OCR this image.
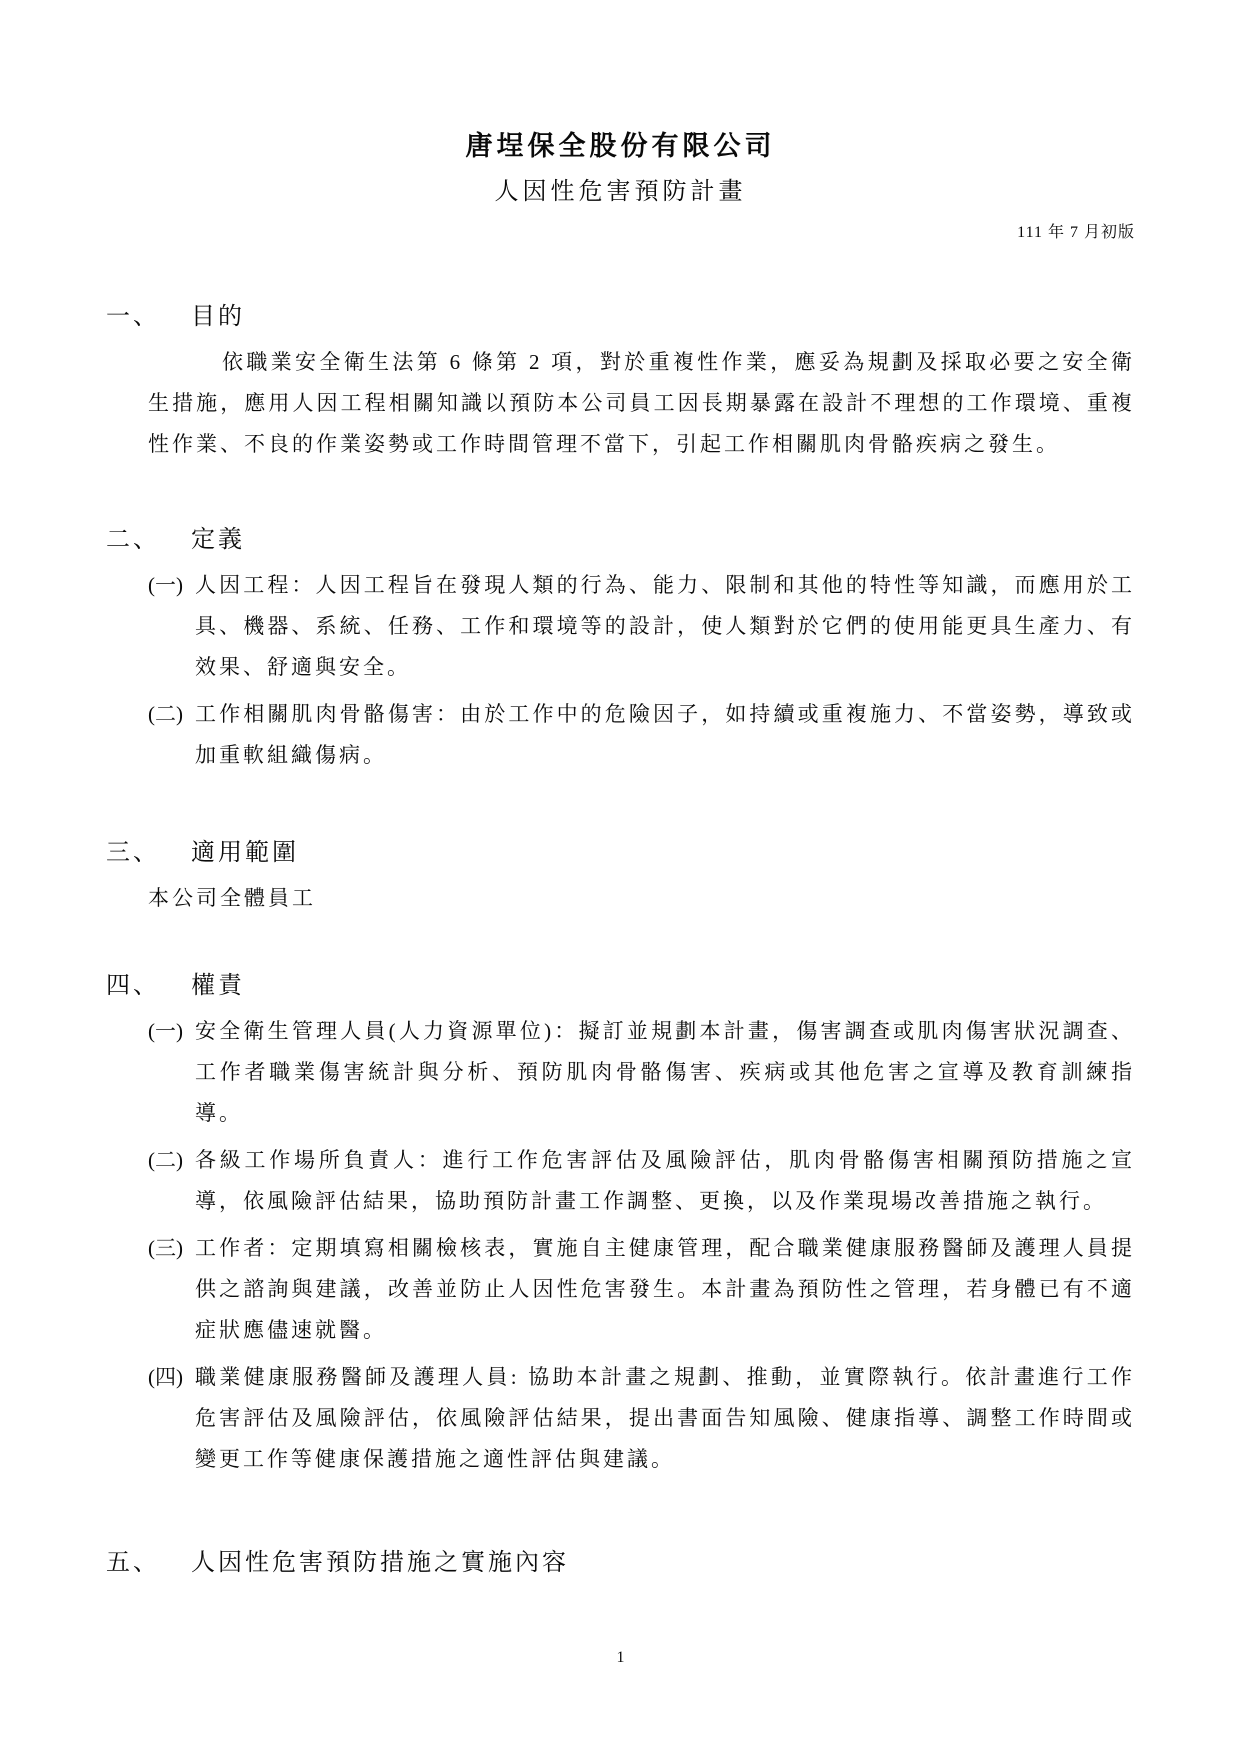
唐埕保全股份有限公司
人因性危害預防計畫
111 年 7 月初版
一、	目的

依職業安全衛生法第 6 條第 2 項，對於重複性作業，應妥為規劃及採取必要之安全衛生措施，應用人因工程相關知識以預防本公司員工因長期暴露在設計不理想的工作環境、重複性作業、不良的作業姿勢或工作時間管理不當下，引起工作相關肌肉骨骼疾病之發生。

二、	定義
(一) 人因工程：人因工程旨在發現人類的行為、能力、限制和其他的特性等知識，而應用於工具、機器、系統、任務、工作和環境等的設計，使人類對於它們的使用能更具生產力、有效果、舒適與安全。
(二) 工作相關肌肉骨骼傷害：由於工作中的危險因子，如持續或重複施力、不當姿勢，導致或加重軟組織傷病。
三、	適用範圍

本公司全體員工

四、	權責
(一) 安全衛生管理人員(人力資源單位)：擬訂並規劃本計畫，傷害調查或肌肉傷害狀況調查、工作者職業傷害統計與分析、預防肌肉骨骼傷害、疾病或其他危害之宣導及教育訓練指導。
(二) 各級工作場所負責人：進行工作危害評估及風險評估，肌肉骨骼傷害相關預防措施之宣導，依風險評估結果，協助預防計畫工作調整、更換，以及作業現場改善措施之執行。
(三) 工作者：定期填寫相關檢核表，實施自主健康管理，配合職業健康服務醫師及護理人員提供之諮詢與建議，改善並防止人因性危害發生。本計畫為預防性之管理，若身體已有不適症狀應儘速就醫。
(四) 職業健康服務醫師及護理人員: 協助本計畫之規劃、推動，並實際執行。依計畫進行工作危害評估及風險評估，依風險評估結果，提出書面告知風險、健康指導、調整工作時間或變更工作等健康保護措施之適性評估與建議。
五、	人因性危害預防措施之實施內容
1
